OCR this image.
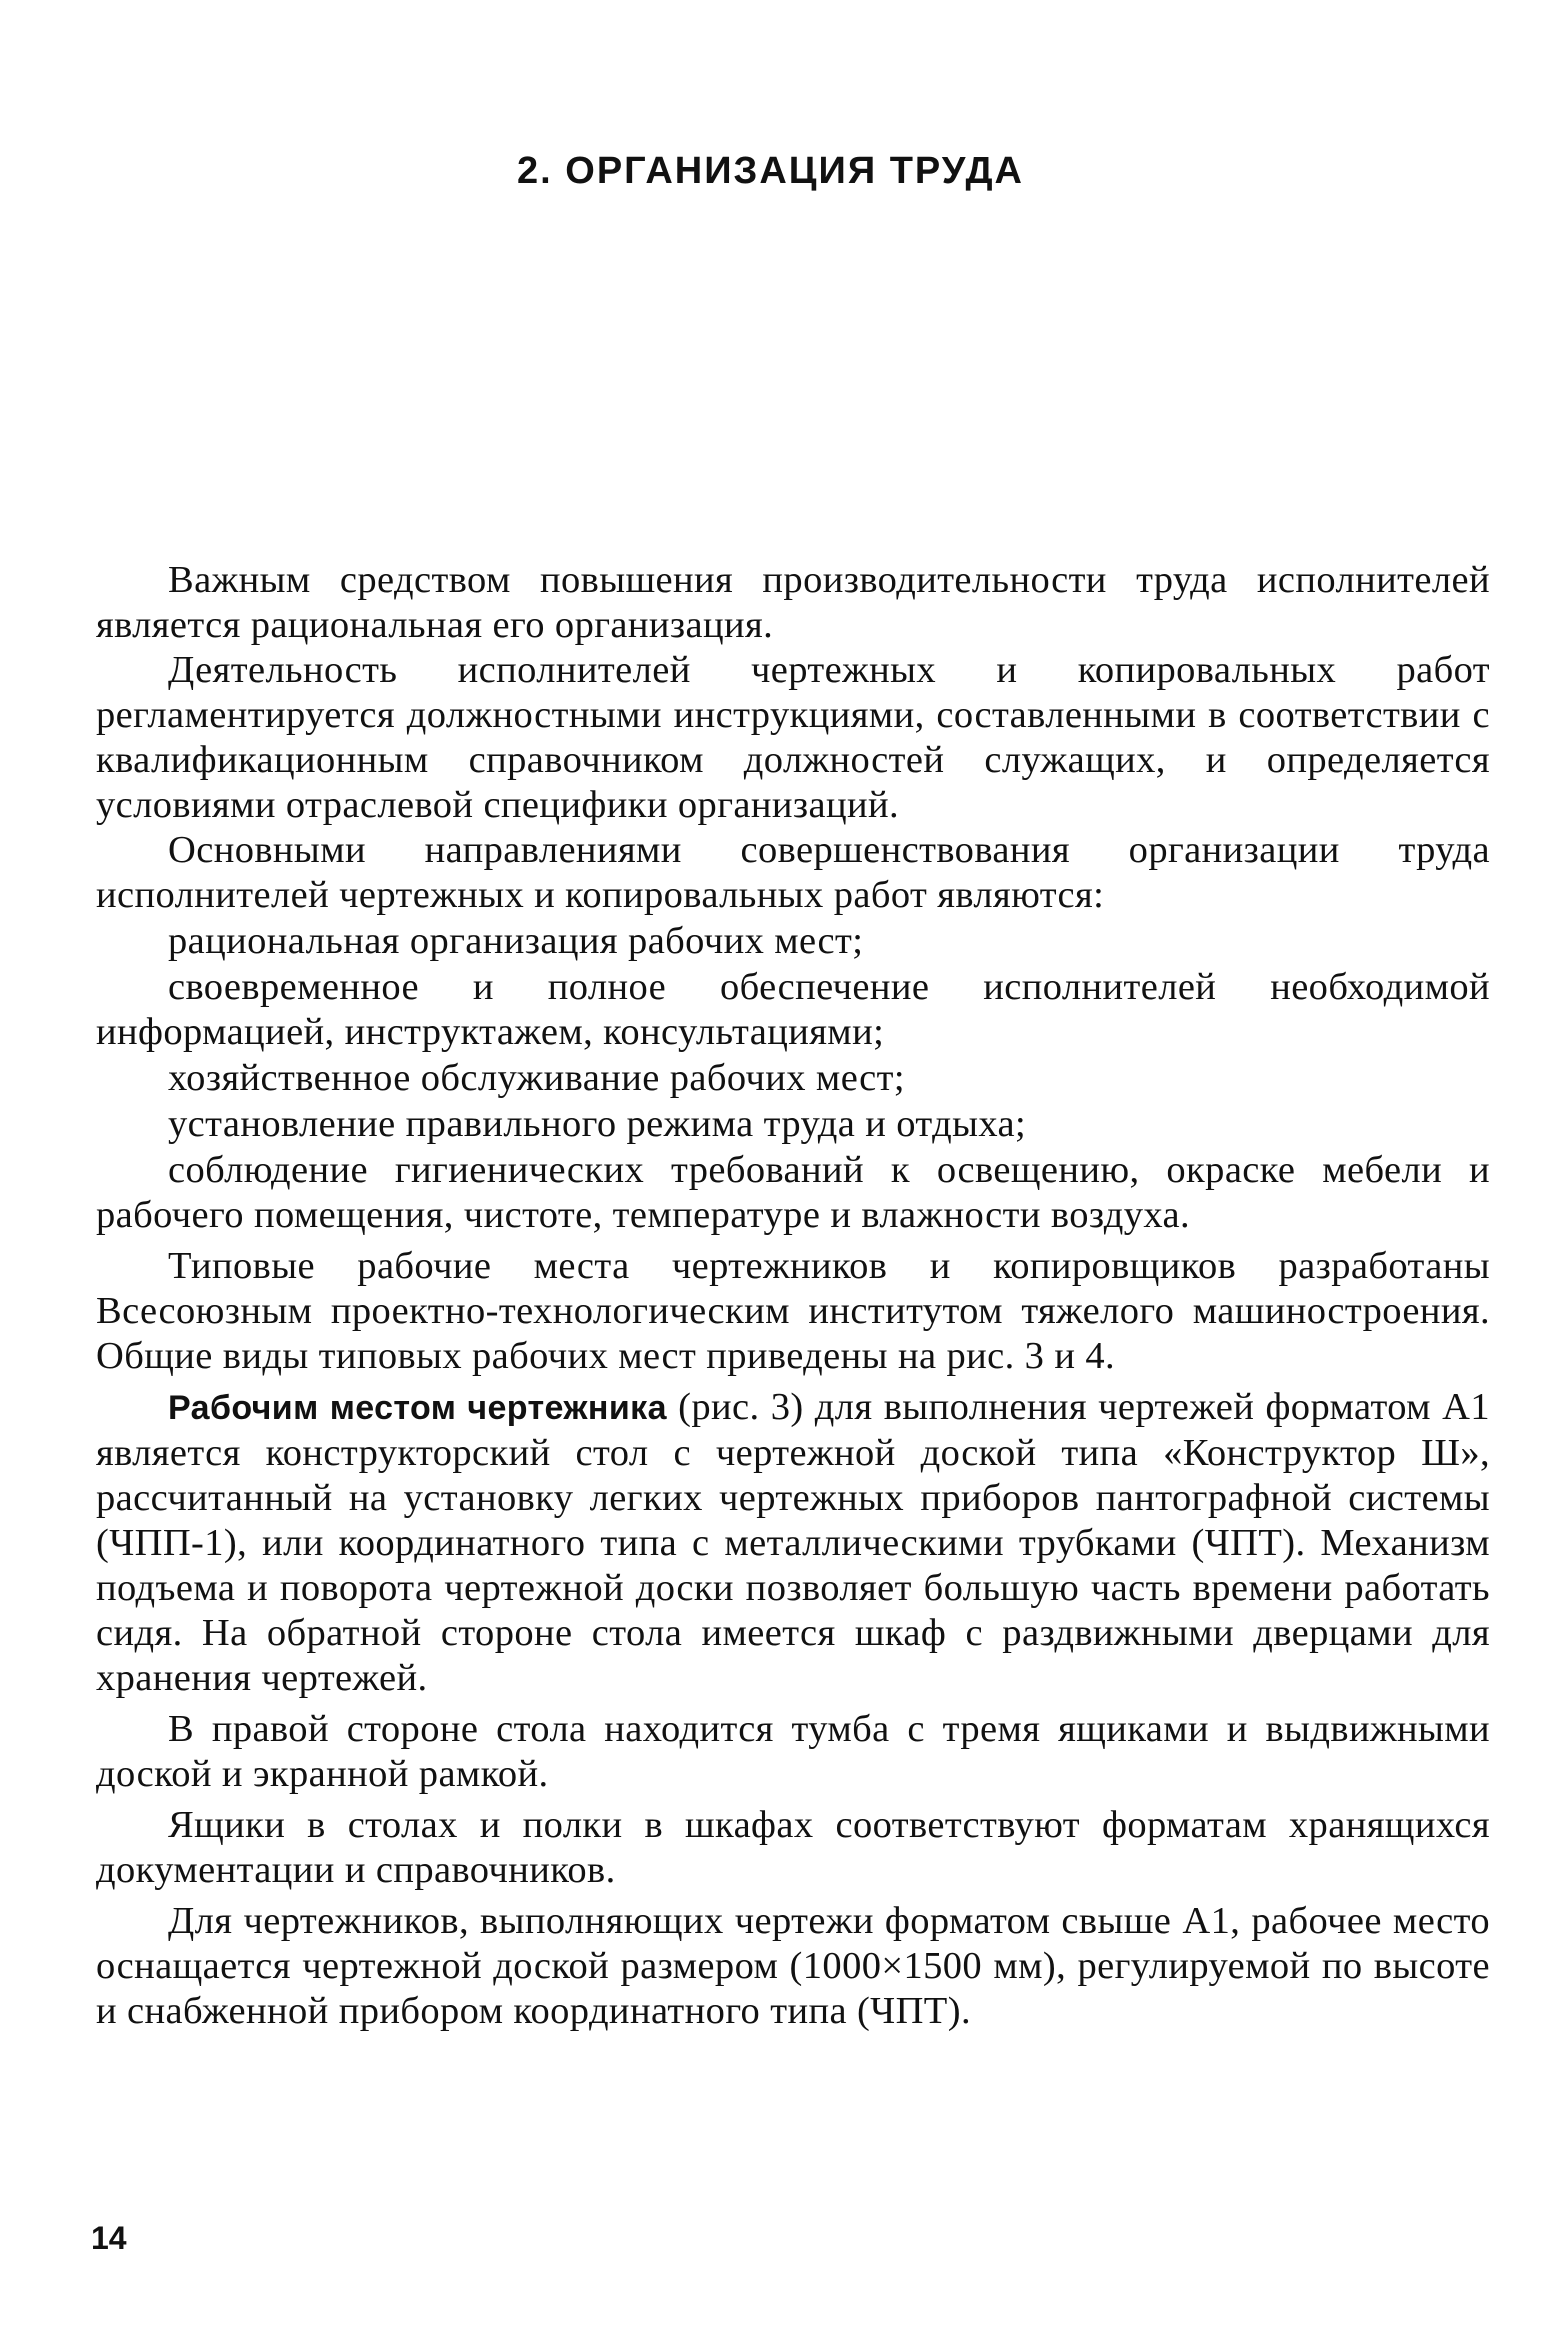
2. ОРГАНИЗАЦИЯ ТРУДА

Важным средством повышения производительности труда исполнителей является рациональная его организация.

Деятельность исполнителей чертежных и копировальных работ регламентируется должностными инструкциями, составленными в соответствии с квалификационным справочником должностей служащих, и определяется условиями отраслевой специфики организаций.

Основными направлениями совершенствования организации труда исполнителей чертежных и копировальных работ являются:

рациональная организация рабочих мест;

своевременное и полное обеспечение исполнителей необходимой информацией, инструктажем, консультациями;

хозяйственное обслуживание рабочих мест;

установление правильного режима труда и отдыха;

соблюдение гигиенических требований к освещению, окраске мебели и рабочего помещения, чистоте, температуре и влажности воздуха.

Типовые рабочие места чертежников и копировщиков разработаны Всесоюзным проектно-технологическим институтом тяжелого машиностроения. Общие виды типовых рабочих мест приведены на рис. 3 и 4.

Рабочим местом чертежника (рис. 3) для выполнения чертежей форматом А1 является конструкторский стол с чертежной доской типа «Конструктор Ш», рассчитанный на установку легких чертежных приборов пантографной системы (ЧПП-1), или координатного типа с металлическими трубками (ЧПТ). Механизм подъема и поворота чертежной доски позволяет большую часть времени работать сидя. На обратной стороне стола имеется шкаф с раздвижными дверцами для хранения чертежей.

В правой стороне стола находится тумба с тремя ящиками и выдвижными доской и экранной рамкой.

Ящики в столах и полки в шкафах соответствуют форматам хранящихся документации и справочников.

Для чертежников, выполняющих чертежи форматом свыше А1, рабочее место оснащается чертежной доской размером (1000×1500 мм), регулируемой по высоте и снабженной прибором координатного типа (ЧПТ).

14
